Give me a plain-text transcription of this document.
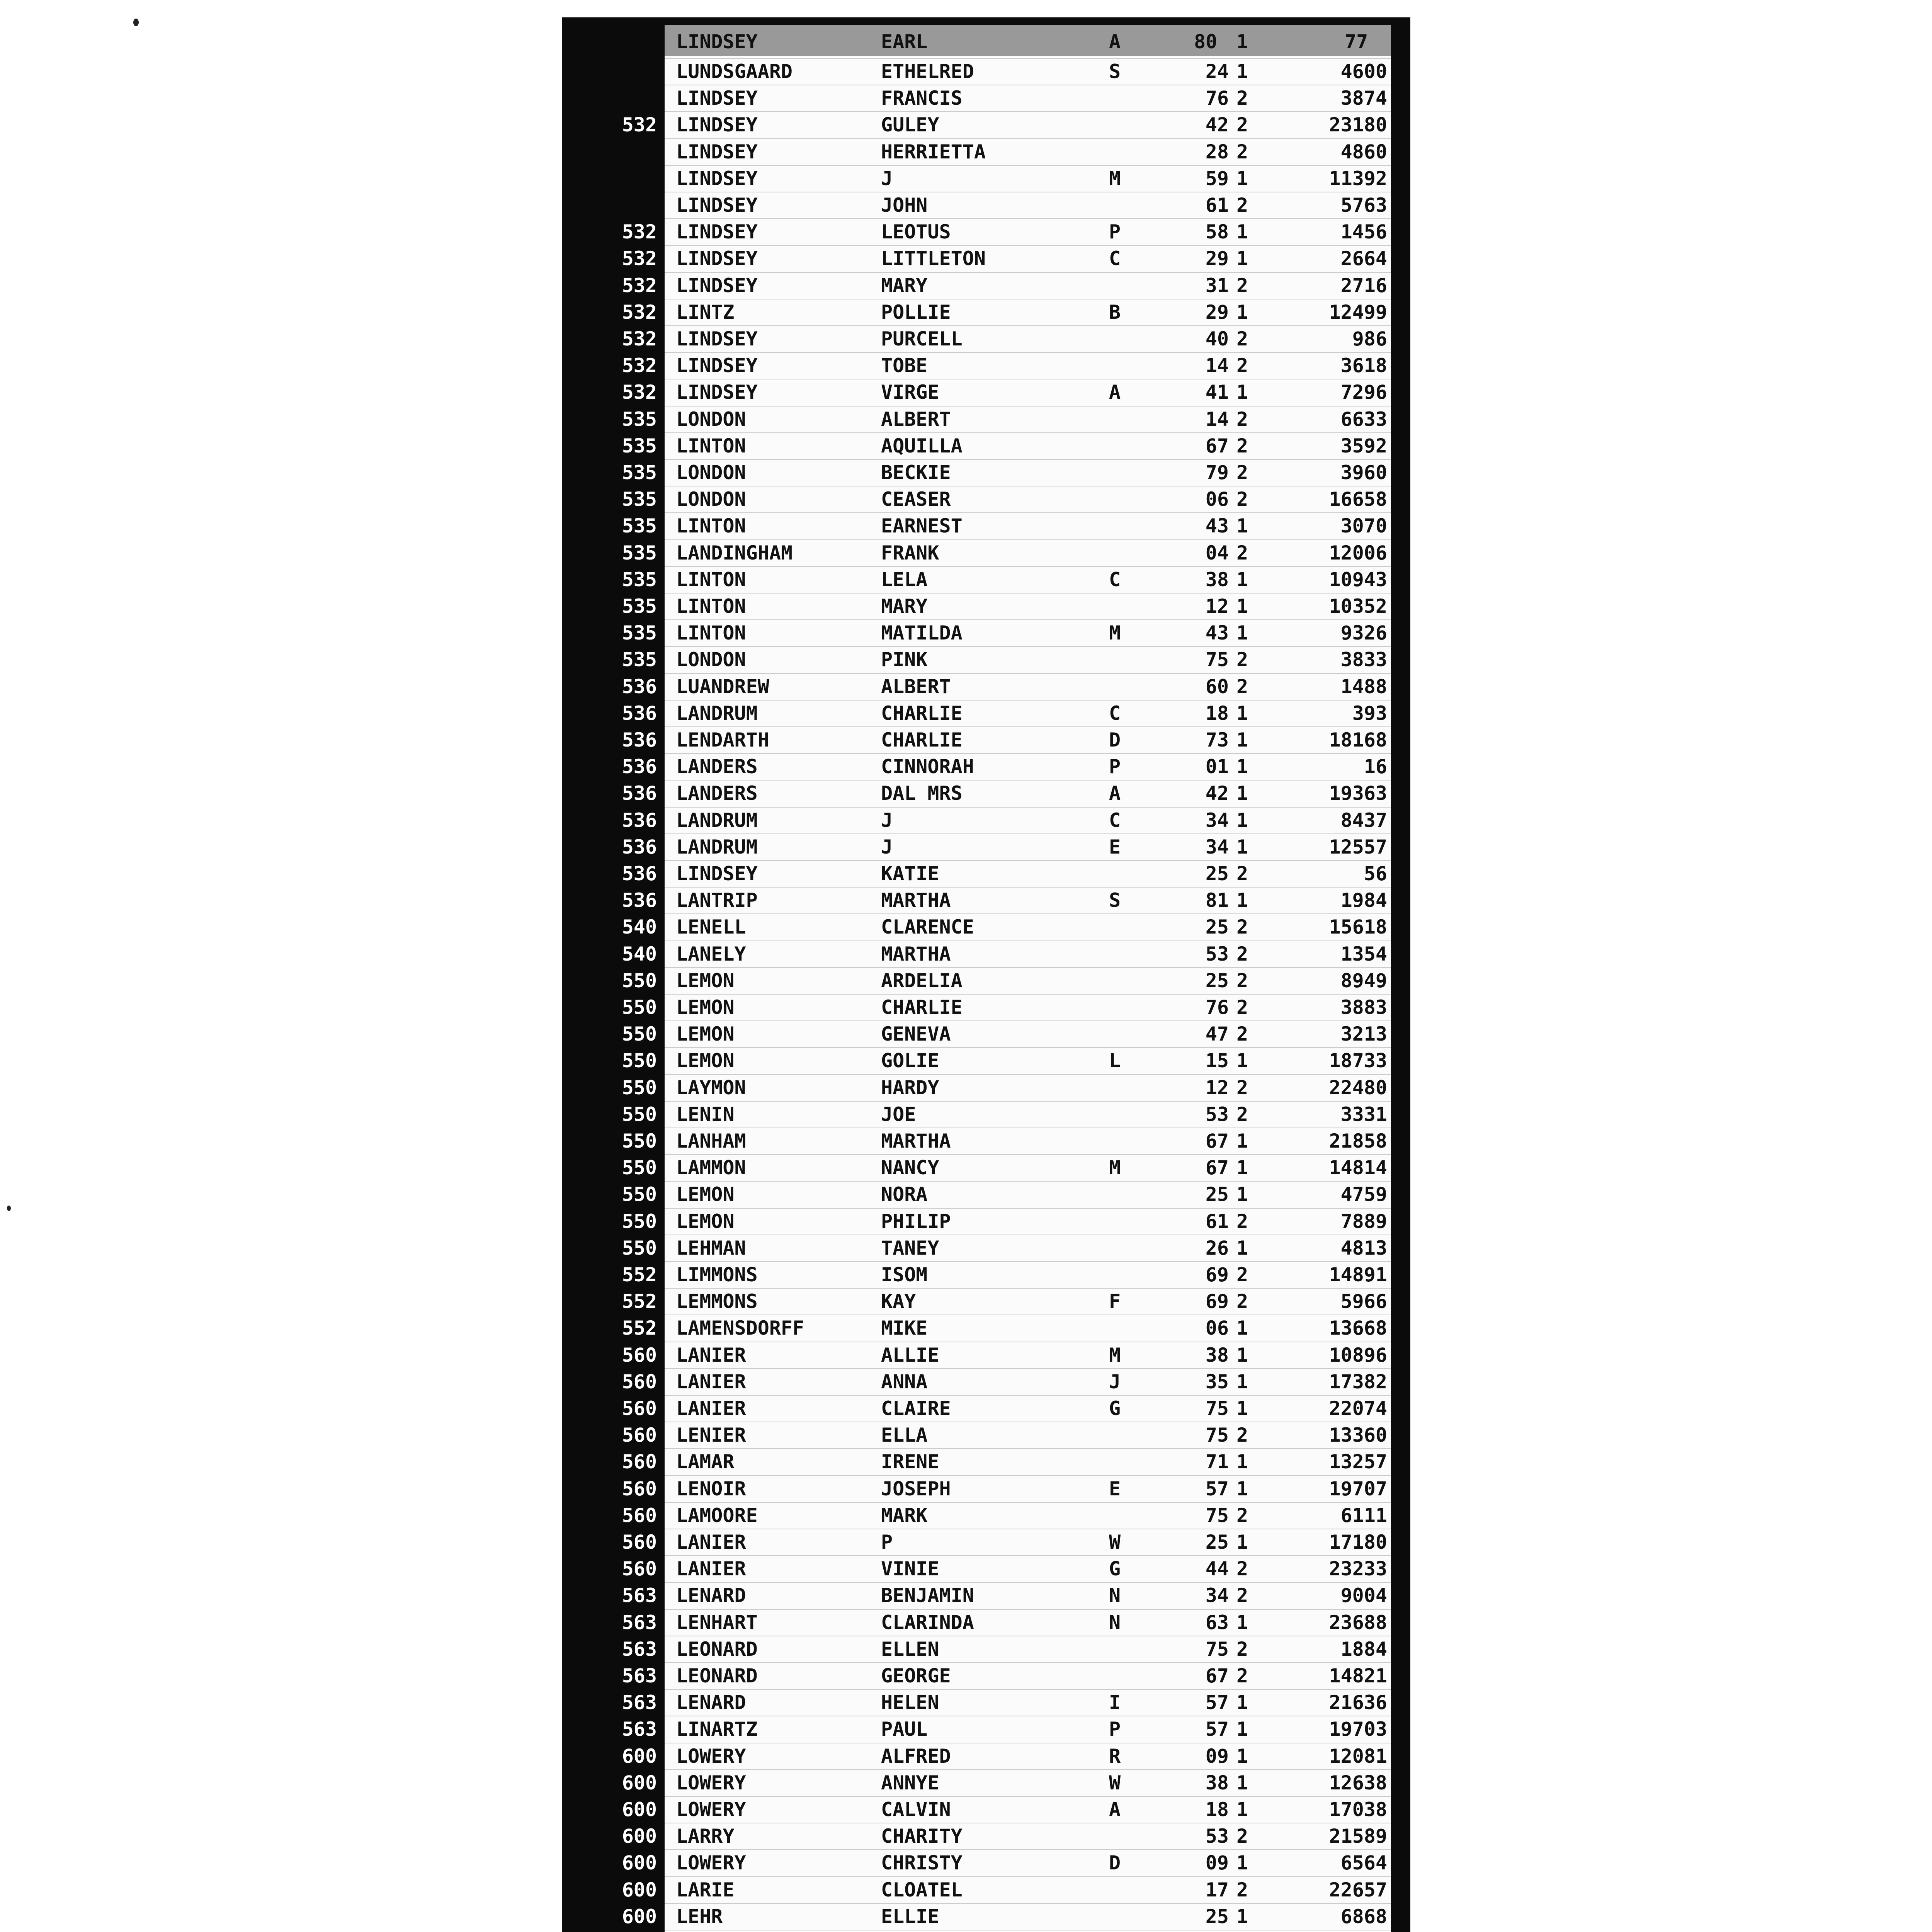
LINDSEY	EARL	A	80 1	77
LUNDSGAARD	ETHELRED	S	24 1	4600
LINDSEY	FRANCIS	76 2	3874
532 LINDSEY	GULEY	42 2	23180
LINDSEY	HERRIETTA	28 2	4860
LINDSEY	J	M	59 1	11392
LINDSEY	JOHN	61 2	5763
532 LINDSEY	LEOTUS	P	58 1	1456
532 LINDSEY	LITTLETON	C	29 1	2664
532 LINDSEY	MARY	31 2	2716
532 LINTZ	POLLIE	B	29 1	12499
532 LINDSEY	PURCELL	40 2	986
532 LINDSEY	TOBE	14 2	3618
532 LINDSEY	VIRGE	A	41 1	7296
535 LONDON	ALBERT	14 2	6633
535 LINTON	AQUILLA	67 2	3592
535 LONDON	BECKIE	79 2	3960
535 LONDON	CEASER	06 2	16658
535 LINTON	EARNEST	43 1	3070
535 LANDINGHAM	FRANK	04 2	12006
535 LINTON	LELA	C	38 1	10943
535 LINTON	MARY	12 1	10352
535 LINTON	MATILDA	M	43 1	9326
535 LONDON	PINK	75 2	3833
536 LUANDREW	ALBERT	60 2	1488
536 LANDRUM	CHARLIE	C	18 1	393
536 LENDARTH	CHARLIE	D	73 1	18168
536 LANDERS	CINNORAH	P	01 1	16
536 LANDERS	DAL MRS	A	42 1	19363
536 LANDRUM	J	C	34 1	8437
536 LANDRUM	J	E	34 1	12557
536 LINDSEY	KATIE	25 2	56
536 LANTRIP	MARTHA	S	81 1	1984
540 LENELL	CLARENCE	25 2	15618
540 LANELY	MARTHA	53 2	1354
550 LEMON	ARDELIA	25 2	8949
550 LEMON	CHARLIE	76 2	3883
550 LEMON	GENEVA	47 2	3213
550 LEMON	GOLIE	L	15 1	18733
550 LAYMON	HARDY	12 2	22480
550 LENIN	JOE	53 2	3331
550 LANHAM	MARTHA	67 1	21858
550 LAMMON	NANCY	M	67 1	14814
550 LEMON	NORA	25 1	4759
550 LEMON	PHILIP	61 2	7889
550 LEHMAN	TANEY	26 1	4813
552 LIMMONS	ISOM	69 2	14891
552 LEMMONS	KAY	F	69 2	5966
552 LAMENSDORFF	MIKE	06 1	13668
560 LANIER	ALLIE	M	38 1	10896
560 LANIER	ANNA	J	35 1	17382
560 LANIER	CLAIRE	G	75 1	22074
560 LENIER	ELLA	75 2	13360
560 LAMAR	IRENE	71 1	13257
560 LENOIR	JOSEPH	E	57 1	19707
560 LAMOORE	MARK	75 2	6111
560 LANIER	P	W	25 1	17180
560 LANIER	VINIE	G	44 2	23233
563 LENARD	BENJAMIN	N	34 2	9004
563 LENHART	CLARINDA	N	63 1	23688
563 LEONARD	ELLEN	75 2	1884
563 LEONARD	GEORGE	67 2	14821
563 LENARD	HELEN	I	57 1	21636
563 LINARTZ	PAUL	P	57 1	19703
600 LOWERY	ALFRED	R	09 1	12081
600 LOWERY	ANNYE	W	38 1	12638
600 LOWERY	CALVIN	A	18 1	17038
600 LARRY	CHARITY	53 2	21589
600 LOWERY	CHRISTY	D	09 1	6564
600 LARIE	CLOATEL	17 2	22657
600 LEHR	ELLIE	25 1	6868
